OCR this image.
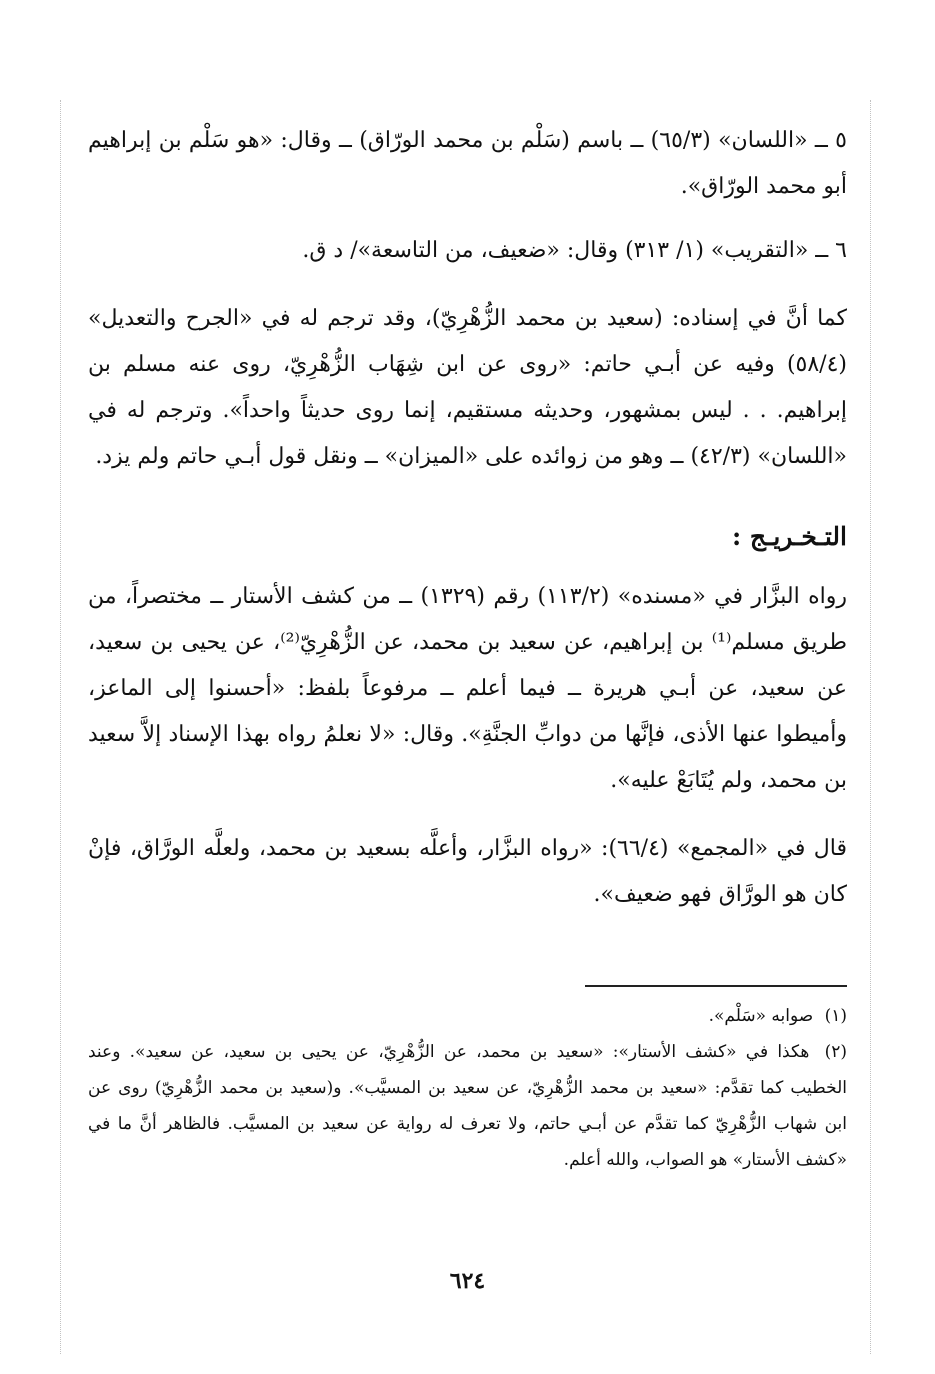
٥ ــ «اللسان» (٦٥/٣) ــ باسم (سَلْم بن محمد الورّاق) ــ وقال: «هو سَلْم بن إبراهيم أبو محمد الورّاق».

٦ ــ «التقريب» (١/ ٣١٣) وقال: «ضعيف، من التاسعة»/ د ق.

كما أنَّ في إسناده: (سعيد بن محمد الزُّهْرِيّ)، وقد ترجم له في «الجرح والتعديل» (٥٨/٤) وفيه عن أبـي حاتم: «روى عن ابن شِهَاب الزُّهْرِيّ، روى عنه مسلم بن إبراهيم. . . ليس بمشهور، وحديثه مستقيم، إنما روى حديثاً واحداً». وترجم له في «اللسان» (٤٢/٣) ــ وهو من زوائده على «الميزان» ــ ونقل قول أبـي حاتم ولم يزد.

التـخـريـج :

رواه البزَّار في «مسنده» (١١٣/٢) رقم (١٣٢٩) ــ من كشف الأستار ــ مختصراً، من طريق مسلم⁽¹⁾ بن إبراهيم، عن سعيد بن محمد، عن الزُّهْرِيّ⁽²⁾، عن يحيى بن سعيد، عن سعيد، عن أبـي هريرة ــ فيما أعلم ــ مرفوعاً بلفظ: «أحسنوا إلى الماعز، وأميطوا عنها الأذى، فإنَّها من دوابِّ الجنَّةِ». وقال: «لا نعلمُ رواه بهذا الإسناد إلاَّ سعيد بن محمد، ولم يُتَابَعْ عليه».

قال في «المجمع» (٦٦/٤): «رواه البزَّار، وأعلَّه بسعيد بن محمد، ولعلَّه الورَّاق، فإنْ كان هو الورَّاق فهو ضعيف».

(١) صوابه «سَلْم».

(٢) هكذا في «كشف الأستار»: «سعيد بن محمد، عن الزُّهْرِيّ، عن يحيى بن سعيد، عن سعيد». وعند الخطيب كما تقدَّم: «سعيد بن محمد الزُّهْرِيّ، عن سعيد بن المسيَّب». و(سعيد بن محمد الزُّهْرِيّ) روى عن ابن شهاب الزُّهْرِيّ كما تقدَّم عن أبـي حاتم، ولا تعرف له رواية عن سعيد بن المسيَّب. فالظاهر أنَّ ما في «كشف الأستار» هو الصواب، والله أعلم.

٦٢٤
